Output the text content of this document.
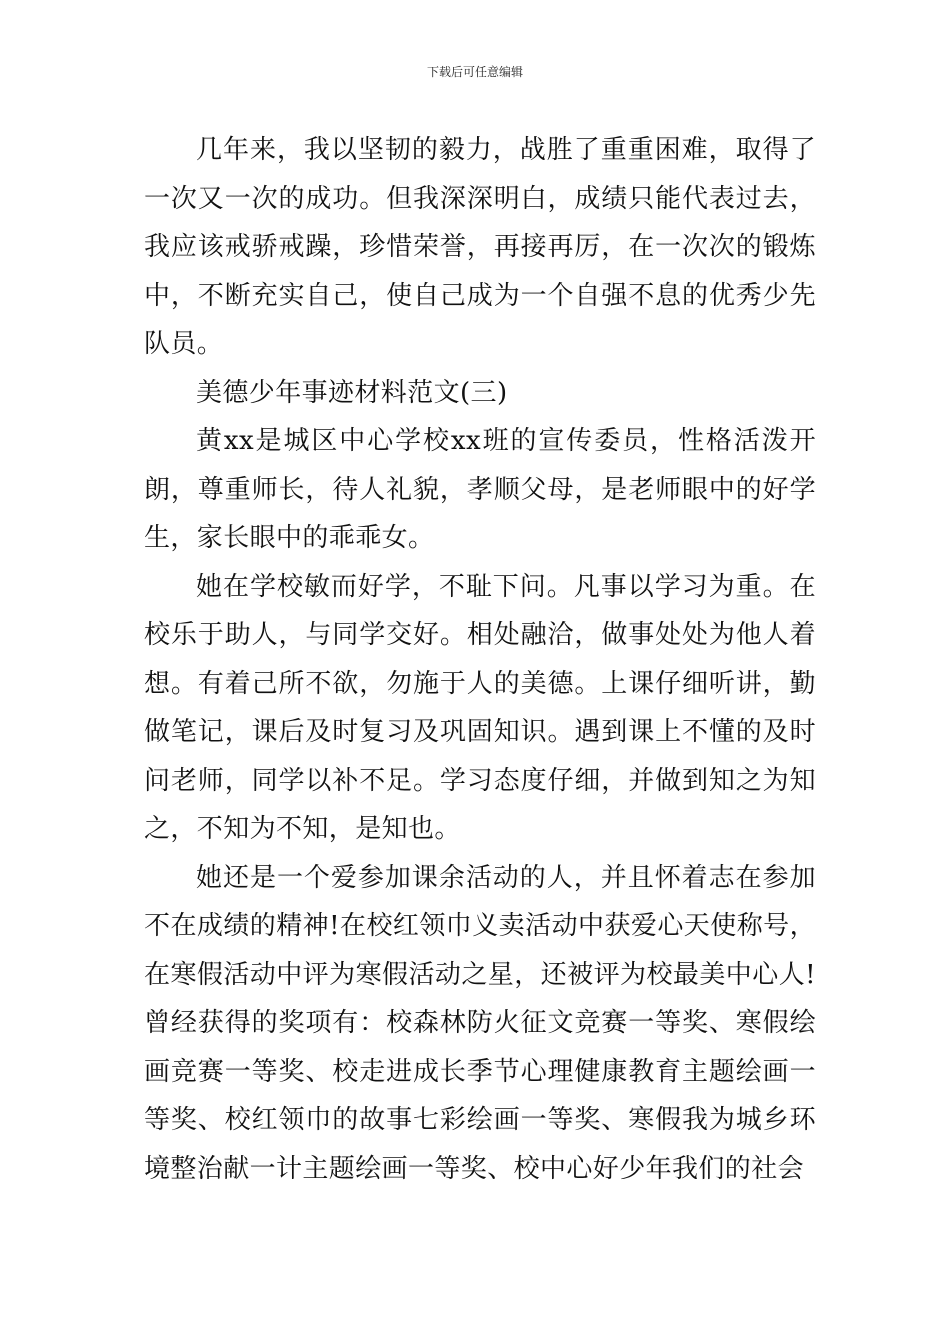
下载后可任意编辑

几年来，我以坚韧的毅力，战胜了重重困难，取得了一次又一次的成功。但我深深明白，成绩只能代表过去，我应该戒骄戒躁，珍惜荣誉，再接再厉，在一次次的锻炼中，不断充实自己，使自己成为一个自强不息的优秀少先队员。

美德少年事迹材料范文(三)

黄xx是城区中心学校xx班的宣传委员，性格活泼开朗，尊重师长，待人礼貌，孝顺父母，是老师眼中的好学生，家长眼中的乖乖女。

她在学校敏而好学，不耻下问。凡事以学习为重。在校乐于助人，与同学交好。相处融洽，做事处处为他人着想。有着己所不欲，勿施于人的美德。上课仔细听讲，勤做笔记，课后及时复习及巩固知识。遇到课上不懂的及时问老师，同学以补不足。学习态度仔细，并做到知之为知之，不知为不知，是知也。

她还是一个爱参加课余活动的人，并且怀着志在参加不在成绩的精神!在校红领巾义卖活动中获爱心天使称号，在寒假活动中评为寒假活动之星，还被评为校最美中心人!曾经获得的奖项有：校森林防火征文竞赛一等奖、寒假绘画竞赛一等奖、校走进成长季节心理健康教育主题绘画一等奖、校红领巾的故事七彩绘画一等奖、寒假我为城乡环境整治献一计主题绘画一等奖、校中心好少年我们的社会
